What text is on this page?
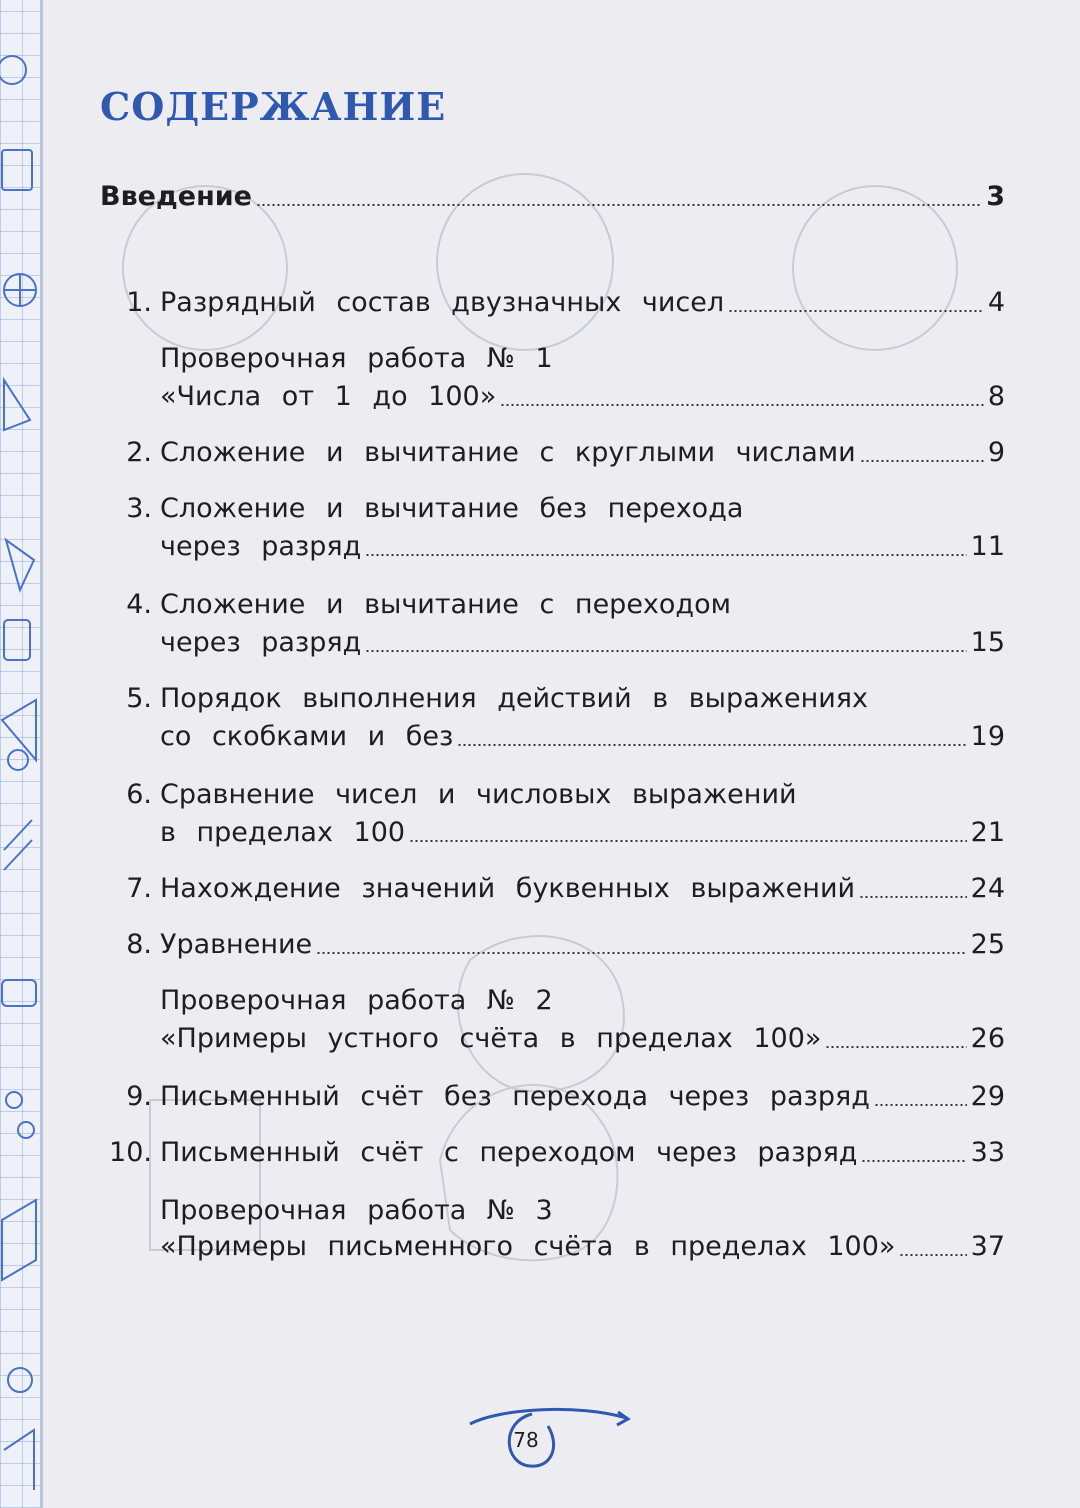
СОДЕРЖАНИЕ
Введение	3
1. Разрядный состав двузначных чисел	4
Проверочная работа № 1
«Числа от 1 до 100»	8
2. Сложение и вычитание с круглыми числами	9
3. Сложение и вычитание без перехода
через разряд	11
4. Сложение и вычитание с переходом
через разряд	15
5. Порядок выполнения действий в выражениях
со скобками и без	19
6. Сравнение чисел и числовых выражений
в пределах 100	21
7. Нахождение значений буквенных выражений	24
8. Уравнение	25
Проверочная работа № 2
«Примеры устного счёта в пределах 100»	26
9. Письменный счёт без перехода через разряд	29
10. Письменный счёт с переходом через разряд	33
Проверочная работа № 3
«Примеры письменного счёта в пределах 100»	37
78
